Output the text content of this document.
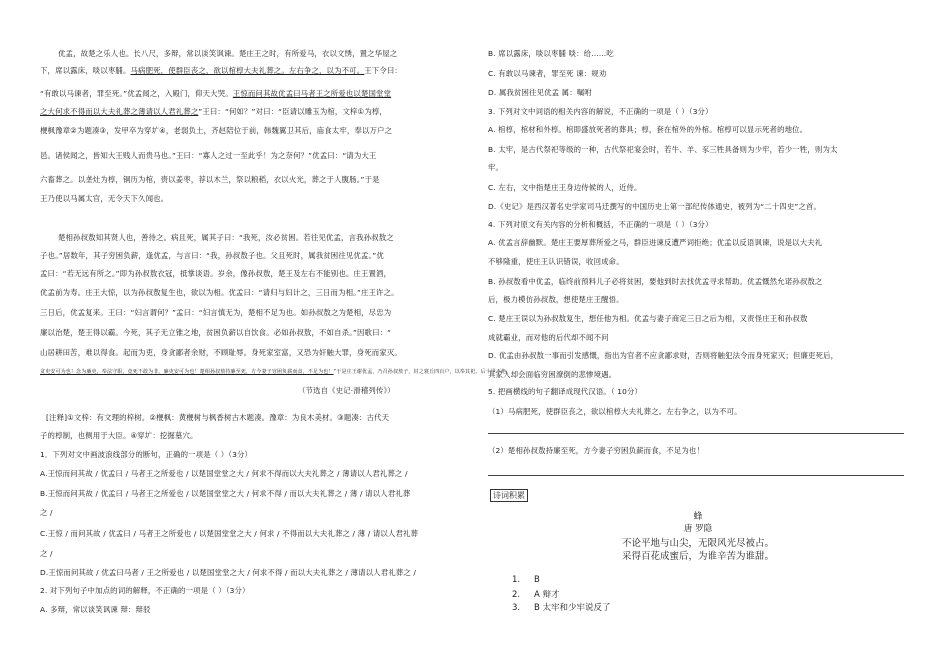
优孟，故楚之乐人也。长八尺，多辩，常以谈笑讽谏。楚庄王之时，有所爱马，衣以文绣，置之华屋之
下，席以露床，啖以枣脯。马病肥死，使群臣丧之，欲以棺椁大夫礼葬之。左右争之，以为不可。王下令曰：
“有敢以马谏者，罪至死。”优孟闻之，入殿门，仰天大哭。王惊而问其故优孟曰马者王之所爱也以楚国堂堂
之大何求不得而以大夫礼葬之薄请以人君礼葬之”王曰：“何如？”对曰：“臣请以雕玉为棺，文梓①为椁，
楩枫豫章②为题凑③，发甲卒为穿圹④，老弱负土，齐赵陪位于前，韩魏翼卫其后，庙食太牢，奉以万户之
邑。诸侯闻之，皆知大王贱人而贵马也。”王曰：“寡人之过一至此乎！为之奈何？”优孟曰：“请为大王
六畜葬之。以垄灶为椁，铜历为棺，赍以姜枣，荐以木兰，祭以粮稻，衣以火光，葬之于人腹肠。”于是
王乃使以马属太官，无令天下久闻也。
楚相孙叔敖知其贤人也，善待之。病且死，属其子曰：“我死，汝必贫困。若往见优孟，言我孙叔敖之
子也。”居数年，其子穷困负薪，逢优孟，与言曰：“我，孙叔敖子也。父且死时，属我贫困往见优孟。”优
孟曰：“若无远有所之。”即为孙叔敖衣冠，抵掌谈语。岁余，像孙叔敖，楚王及左右不能别也。庄王置酒，
优孟前为寿。庄王大惊，以为孙叔敖复生也，欲以为相。优孟曰：“请归与妇计之，三日而为相。”庄王许之。
三日后，优孟复来。王曰：“妇言谓何？”孟曰：“妇言慎无为，楚相不足为也。如孙叔敖之为楚相，尽忠为
廉以治楚，楚王得以霸。今死，其子无立锥之地，贫困负薪以自饮食。必如孙叔敖，不如自杀。”因歌曰：“
山居耕田苦，难以得食。起而为吏，身贪鄙者余财，不顾耻辱。身死家室富，又恐为奸触大罪，身死而家灭。
贪吏安可为也！念为廉吏，奉法守职，竟死不敢为非。廉吏安可为也！楚相孙叔敖持廉至死，方今妻子穷困负薪而食，不足为也！”于是庄王谢优孟，乃召孙叔敖子，封之寝丘四百户，以奉其祀。后十世不绝。
（节选自《史记·滑稽列传》）
[注释]①文梓：有文理的梓树。②楩枫：黄楩树与枫香树古木题凑。豫章：为良木美材。③题凑：古代天
子的椁制，也侧用于大臣。④穿圹：挖掘墓穴。
1．下列对文中画波浪线部分的断句，正确的一项是（ ）（3分）
A.王惊而问其故 / 优孟曰 / 马者王之所爱也 / 以楚国堂堂之大 / 何求不得而以大夫礼葬之 / 薄请以人君礼葬之 /
B.王惊而问其故 / 优孟曰 / 马者王之所爱也 / 以楚国堂堂之大 / 何求不得 / 而以大夫礼葬之 / 薄 / 请以人君礼葬
之 /
C.王惊 / 而问其故 / 优孟曰 / 马者王之所爱也 / 以楚国堂堂之大 / 何求 / 不得而以大夫礼葬之 / 薄 / 请以人君礼葬
之 /
D.王惊而问其故 / 优孟曰马者 / 王之所爱也 / 以楚国堂堂之大 / 何求不得 / 而以大夫礼葬之 / 薄请以人君礼葬之 /
2. 对下列句子中加点的词的解释，不正确的一项是（ ）（3分）
A. 多辩，常以谈笑讽谏 辩：辩驳
B. 席以露床，啖以枣脯 啖：给……吃
C. 有敢以马谏者，罪至死 谏：规劝
D. 属我贫困往见优孟 属：嘱咐
3. 下列对文中词语的相关内容的解说，不正确的一项是（ ）（3分）
A. 棺椁，棺材和外椁。棺即盛放死者的葬具；椁，套在棺外的外棺。棺椁可以显示死者的地位。
B. 太牢，是古代祭祀等级的一种，古代祭祀宴会时，若牛、羊、豕三牲具备则为少牢，若少一牲，则为太
牢。
C. 左右，文中指楚庄王身边侍候的人，近侍。
D.《史记》是西汉著名史学家司马迁撰写的中国历史上第一部纪传体通史，被列为“二十四史”之首。
4. 下列对原文有关内容的分析和概括，不正确的一项是（ ）（3分）
A. 优孟言辞幽默。楚庄王要厚葬所爱之马，群臣进谏反遭严词拒绝；优孟以反语讽谏，说是以大夫礼
不够隆重，使庄王认识错误，收回成命。
B. 孙叔敖看中优孟，临终前预料儿子必将贫困，要他到时去找优孟寻求帮助。优孟慨然允诺孙叔敖之
后，极力模仿孙叔敖，想使楚庄王醒悟。
C. 楚庄王误以为孙叔敖复生，想任他为相。优孟与妻子商定三日之后为相，又责怪庄王和孙叔敖
成就霸业，而对他的后代却不闻不问
D. 优孟由孙叔敖一事而引发感慨，指出为官者不应贪鄙求财，否则将触犯法令而身死家灭；但廉吏死后，
其家人却会面临穷困潦倒的悲惨境遇。
5. 把画横线的句子翻译成现代汉语。（ 10分）
（1）马病肥死，使群臣丧之，欲以棺椁大夫礼葬之。左右争之，以为不可。
（2）楚相孙叔敖持廉至死，方今妻子穷困负薪而食，不足为也！
诗词积累
蜂
唐 罗隐
不论平地与山尖，无限风光尽被占。
采得百花成蜜后，为谁辛苦为谁甜。
1. B
2. A 辩才
3. B 太牢和少牢说反了
